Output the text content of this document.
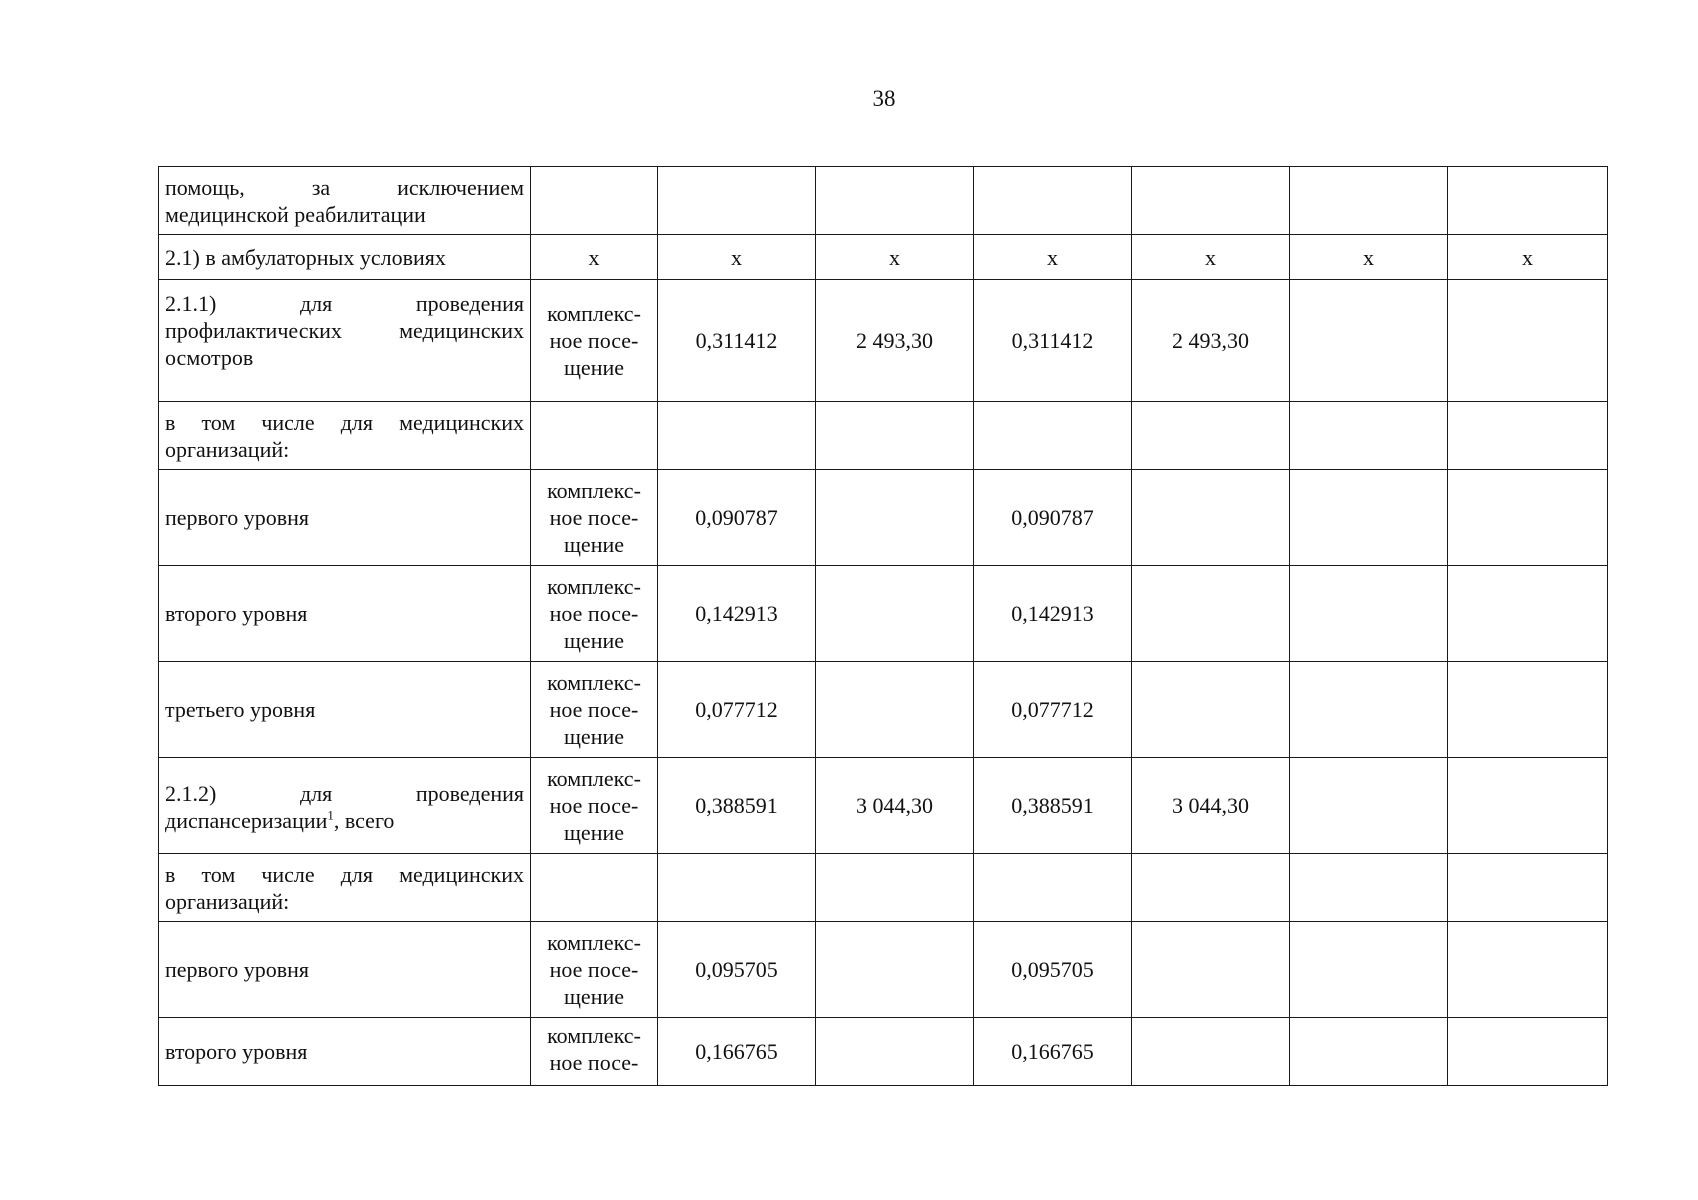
38
помощь, за исключением
медицинской реабилитации							

2.1) в амбулаторных условиях	х	х	х	х	х	х	х

2.1.1) для проведения
профилактических медицинских
осмотров	комплекс-
ное посе-
щение	0,311412	2 493,30	0,311412	2 493,30		

в том числе для медицинских
организаций:							

первого уровня	комплекс-
ное посе-
щение	0,090787		0,090787			

второго уровня	комплекс-
ное посе-
щение	0,142913		0,142913			

третьего уровня	комплекс-
ное посе-
щение	0,077712		0,077712			

2.1.2) для проведения
диспансеризации$^1$, всего	комплекс-
ное посе-
щение	0,388591	3 044,30	0,388591	3 044,30		

в том числе для медицинских
организаций:							

первого уровня	комплекс-
ное посе-
щение	0,095705		0,095705			

второго уровня	комплекс-
ное посе-	0,166765		0,166765			
